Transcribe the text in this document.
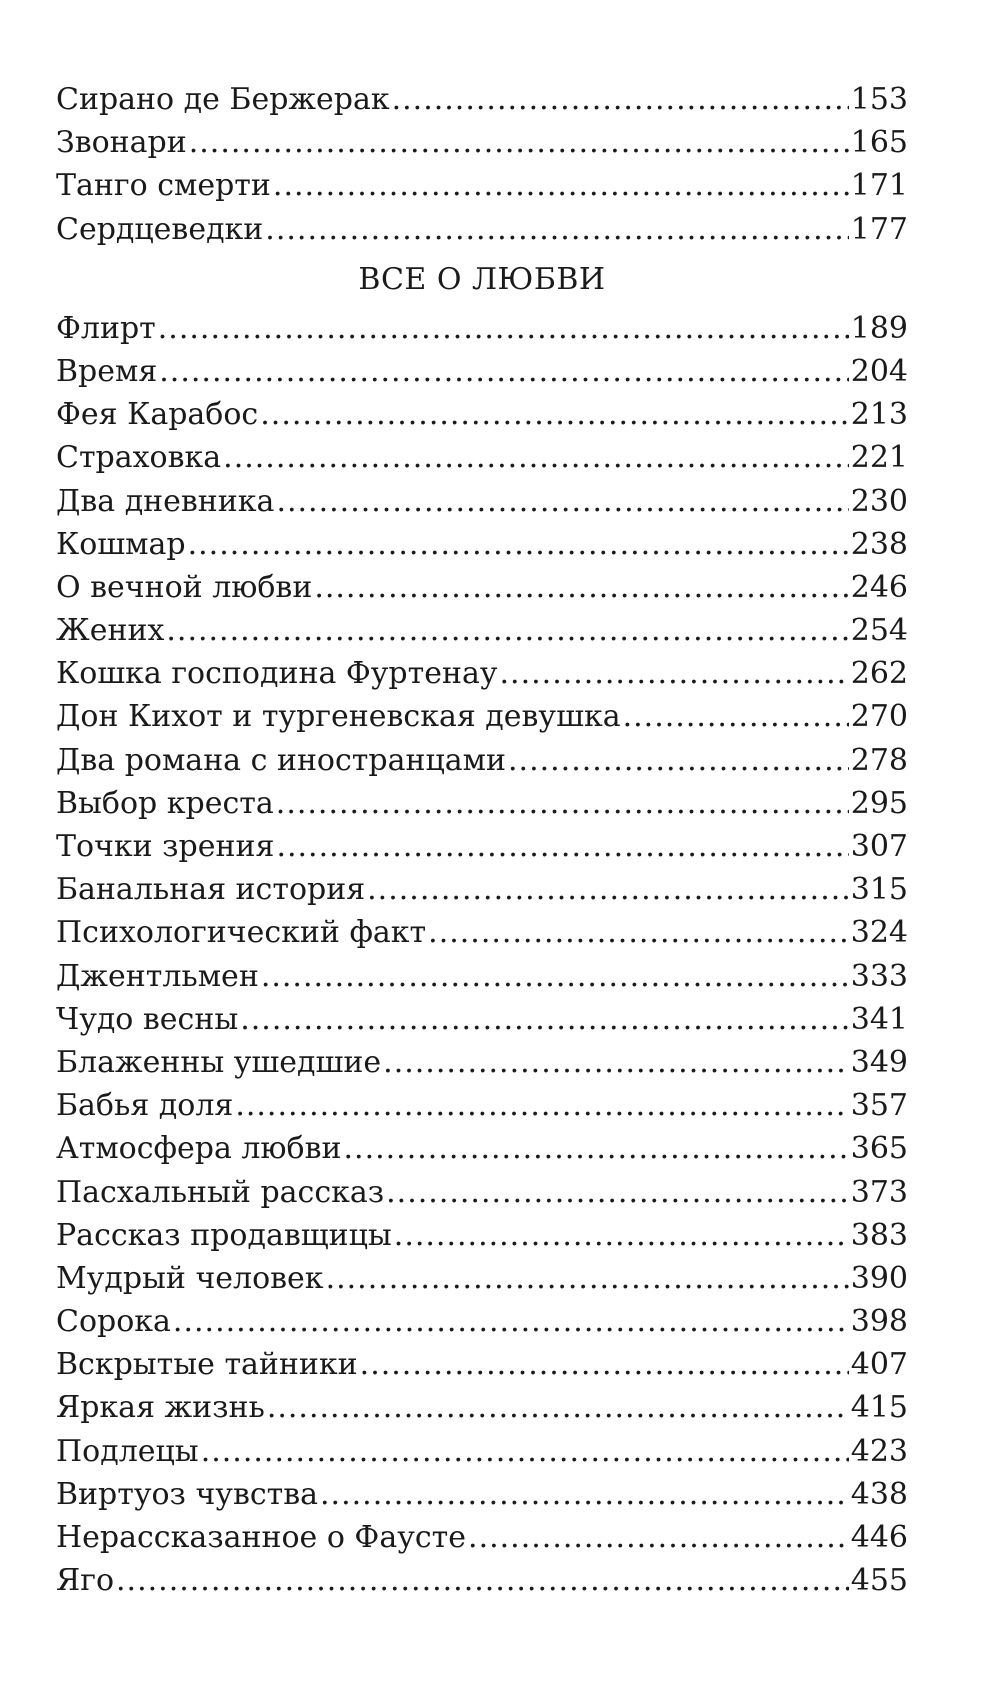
Сирано де Бержерак .....	153
Звонари .....	165
Танго смерти .....	171
Сердцеведки .....	177
ВСЕ О ЛЮБВИ
Флирт .....	189
Время .....	204
Фея Карабос .....	213
Страховка .....	221
Два дневника .....	230
Кошмар .....	238
О вечной любви .....	246
Жених .....	254
Кошка господина Фуртенау .....	262
Дон Кихот и тургеневская девушка .....	270
Два романа с иностранцами .....	278
Выбор креста .....	295
Точки зрения .....	307
Банальная история .....	315
Психологический факт .....	324
Джентльмен .....	333
Чудо весны .....	341
Блаженны ушедшие .....	349
Бабья доля .....	357
Атмосфера любви .....	365
Пасхальный рассказ .....	373
Рассказ продавщицы .....	383
Мудрый человек .....	390
Сорока .....	398
Вскрытые тайники .....	407
Яркая жизнь .....	415
Подлецы .....	423
Виртуоз чувства .....	438
Нерассказанное о Фаусте .....	446
Яго .....	455
